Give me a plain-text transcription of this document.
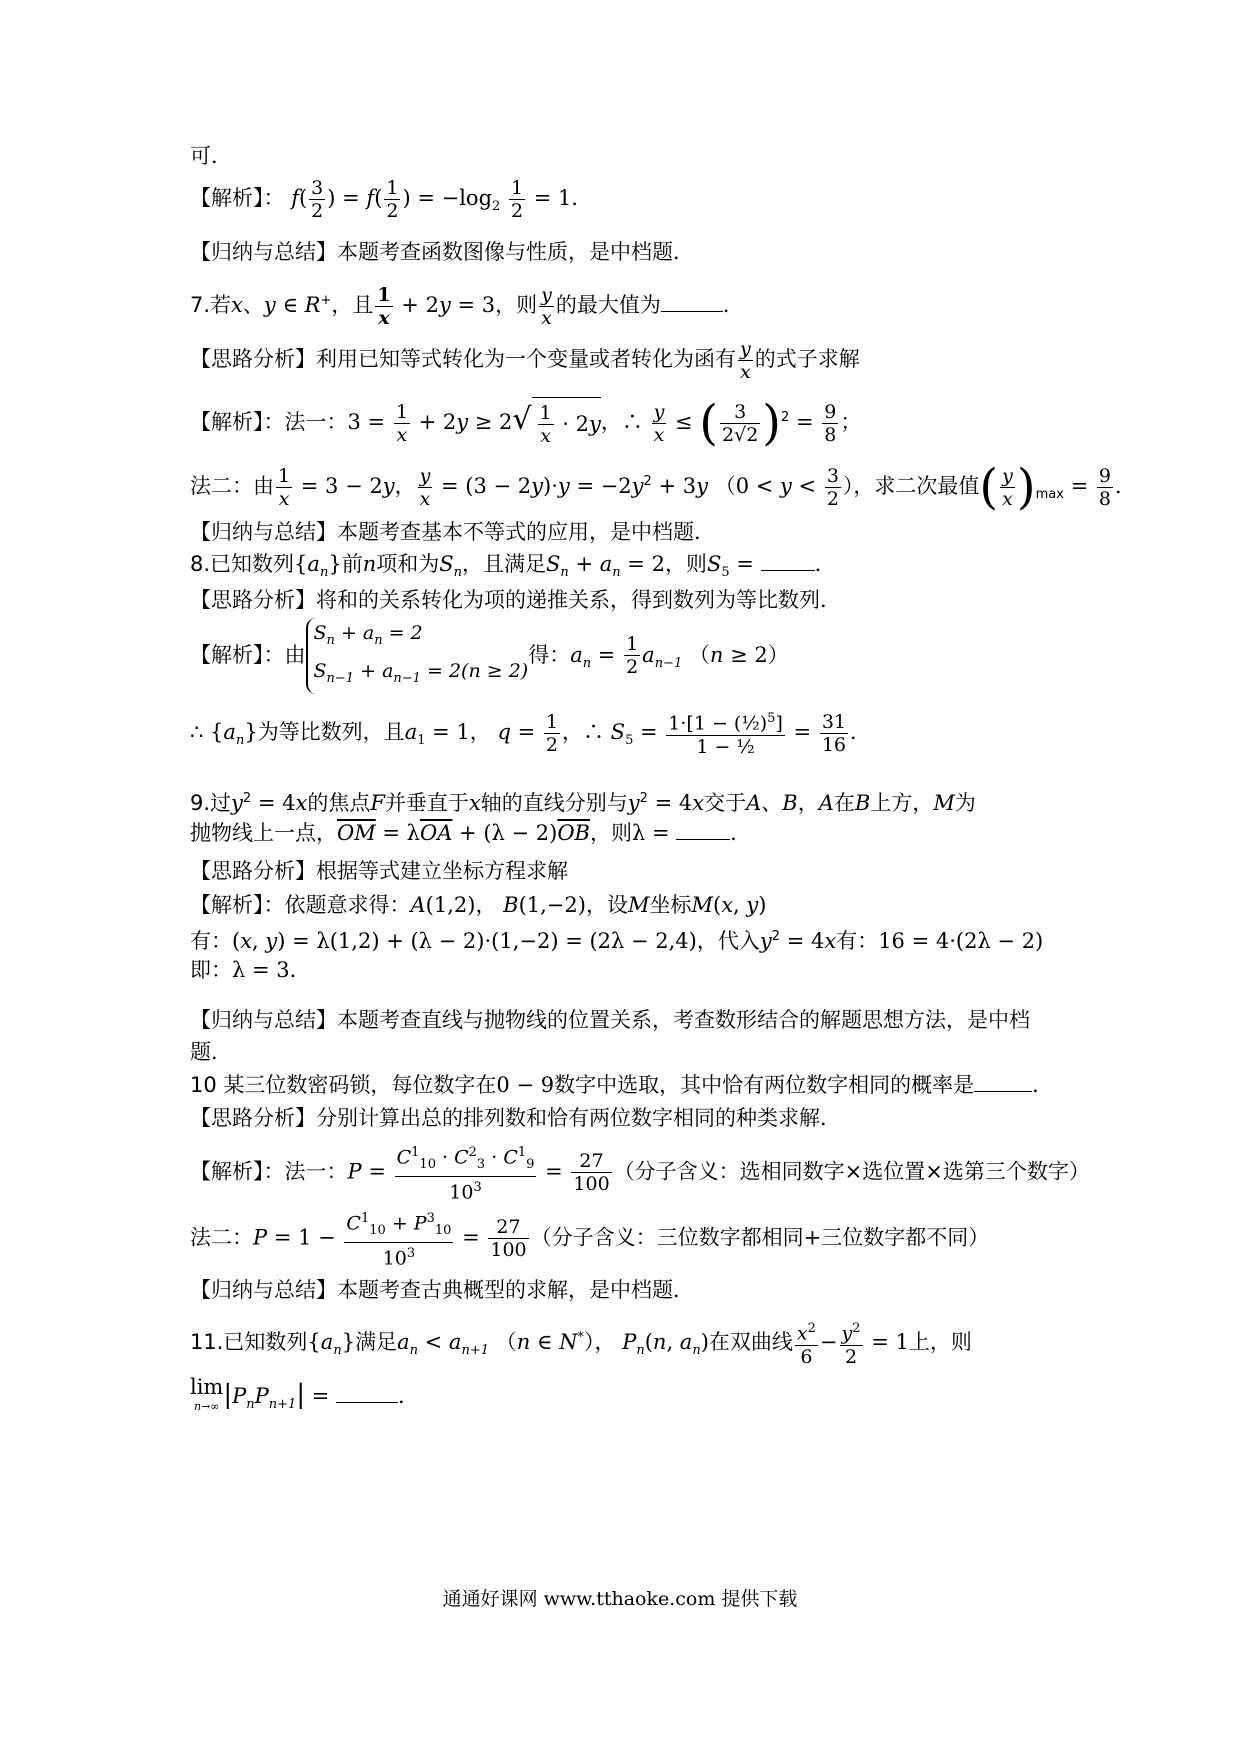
可．
【解析】： $f( \frac{3}{2}$ ) = $f( \frac{1}{2}$ ) = $-\log_2 \frac{1}{2} = 1$．
【归纳与总结】本题考查函数图像与性质，是中档题．
7.若x、y ∈ R+，且 $\frac{1}{x} + 2y = 3$，则 $\frac{y}{x}$ 的最大值为	．
【思路分析】利用已知等式转化为一个变量或者转化为函有 $\frac{y}{x}$ 的式子求解
【解析】：法一：$3 = \frac{1}{x} + 2y \ge 2√ \frac{1}{x} \cdot 2y$，∴ $\frac{y}{x}$ ≤ ( $\frac{3}{2√2} )^2 = \frac{9}{8}$ ；
法二：由 $\frac{1}{x} = 3 - 2y$， $\frac{y}{x} = (3 - 2y)\cdot y = -2y^2 + 3y$ （$0 < y < \frac{3}{2}$ ），求二次最值( $\frac{y}{x} )_{max} = \frac{9}{8}$ ．
【归纳与总结】本题考查基本不等式的应用，是中档题．
8.已知数列$\{a_n\}$前n项和为$S_n$，且满足$S_n + a_n = 2$，则$S_5$ =	．
【思路分析】将和的关系转化为项的递推关系，得到数列为等比数列．
【解析】：由
$S_n + a_n = 2$
$S_{n-1} + a_{n-1} = 2(n \ge 2)$
得：$a_n = \frac{1}{2} a_{n-1}$ （n ≥ 2）
∴ $\{a_n\}$为等比数列，且$a_1 = 1$， $q = \frac{1}{2}$ ，∴ $S_5 = \frac{1\cdot[1 - (\frac{1}{2})^5]}{\text{1 − ½}} = \frac{31}{16}$ ．
9.过$y^2 = 4x$的焦点F并垂直于x轴的直线分别与$y^2 = 4x$交于A、B，A在B上方，M为
抛物线上一点，$\overline{OM} = \lambda\overline{OA} + (\lambda - 2)\overline{OB}$，则λ =	．
【思路分析】根据等式建立坐标方程求解
【解析】：依题意求得：A(1,2)， B(1,−2)，设M坐标M(x, y)
有：(x, y) = λ(1,2) + (λ − 2)·(1,−2) = (2λ − 2,4)，代入$y^2 = 4x$有：16 = 4·(2λ − 2)
即：λ = 3．
【归纳与总结】本题考查直线与抛物线的位置关系，考查数形结合的解题思想方法，是中档
题．
10 某三位数密码锁，每位数字在0 − 9数字中选取，其中恰有两位数字相同的概率是	．
【思路分析】分别计算出总的排列数和恰有两位数字相同的种类求解．
【解析】：法一：$P = \frac{C^1_{10} \cdot C^2_3 \cdot C^1_9}{10^3} = \frac{27}{100}$ （分子含义：选相同数字×选位置×选第三个数字）
法二：$P = 1 - \frac{C^1_{10} + P^3_{10}}{10^3} = \frac{27}{100}$ （分子含义：三位数字都相同+三位数字都不同）
【归纳与总结】本题考查古典概型的求解，是中档题．
11.已知数列$\{a_n\}$满足$a_n < a_{n+1}$ （n ∈ N*）， $P_n(n$, $a_n$)在双曲线 $\frac{x^2}{6} - \frac{y^2}{2} = 1$上，则
lim
n→∞ $|P_nP_{n+1}|$ =	．
通通好课网 www.tthaoke.com 提供下载
